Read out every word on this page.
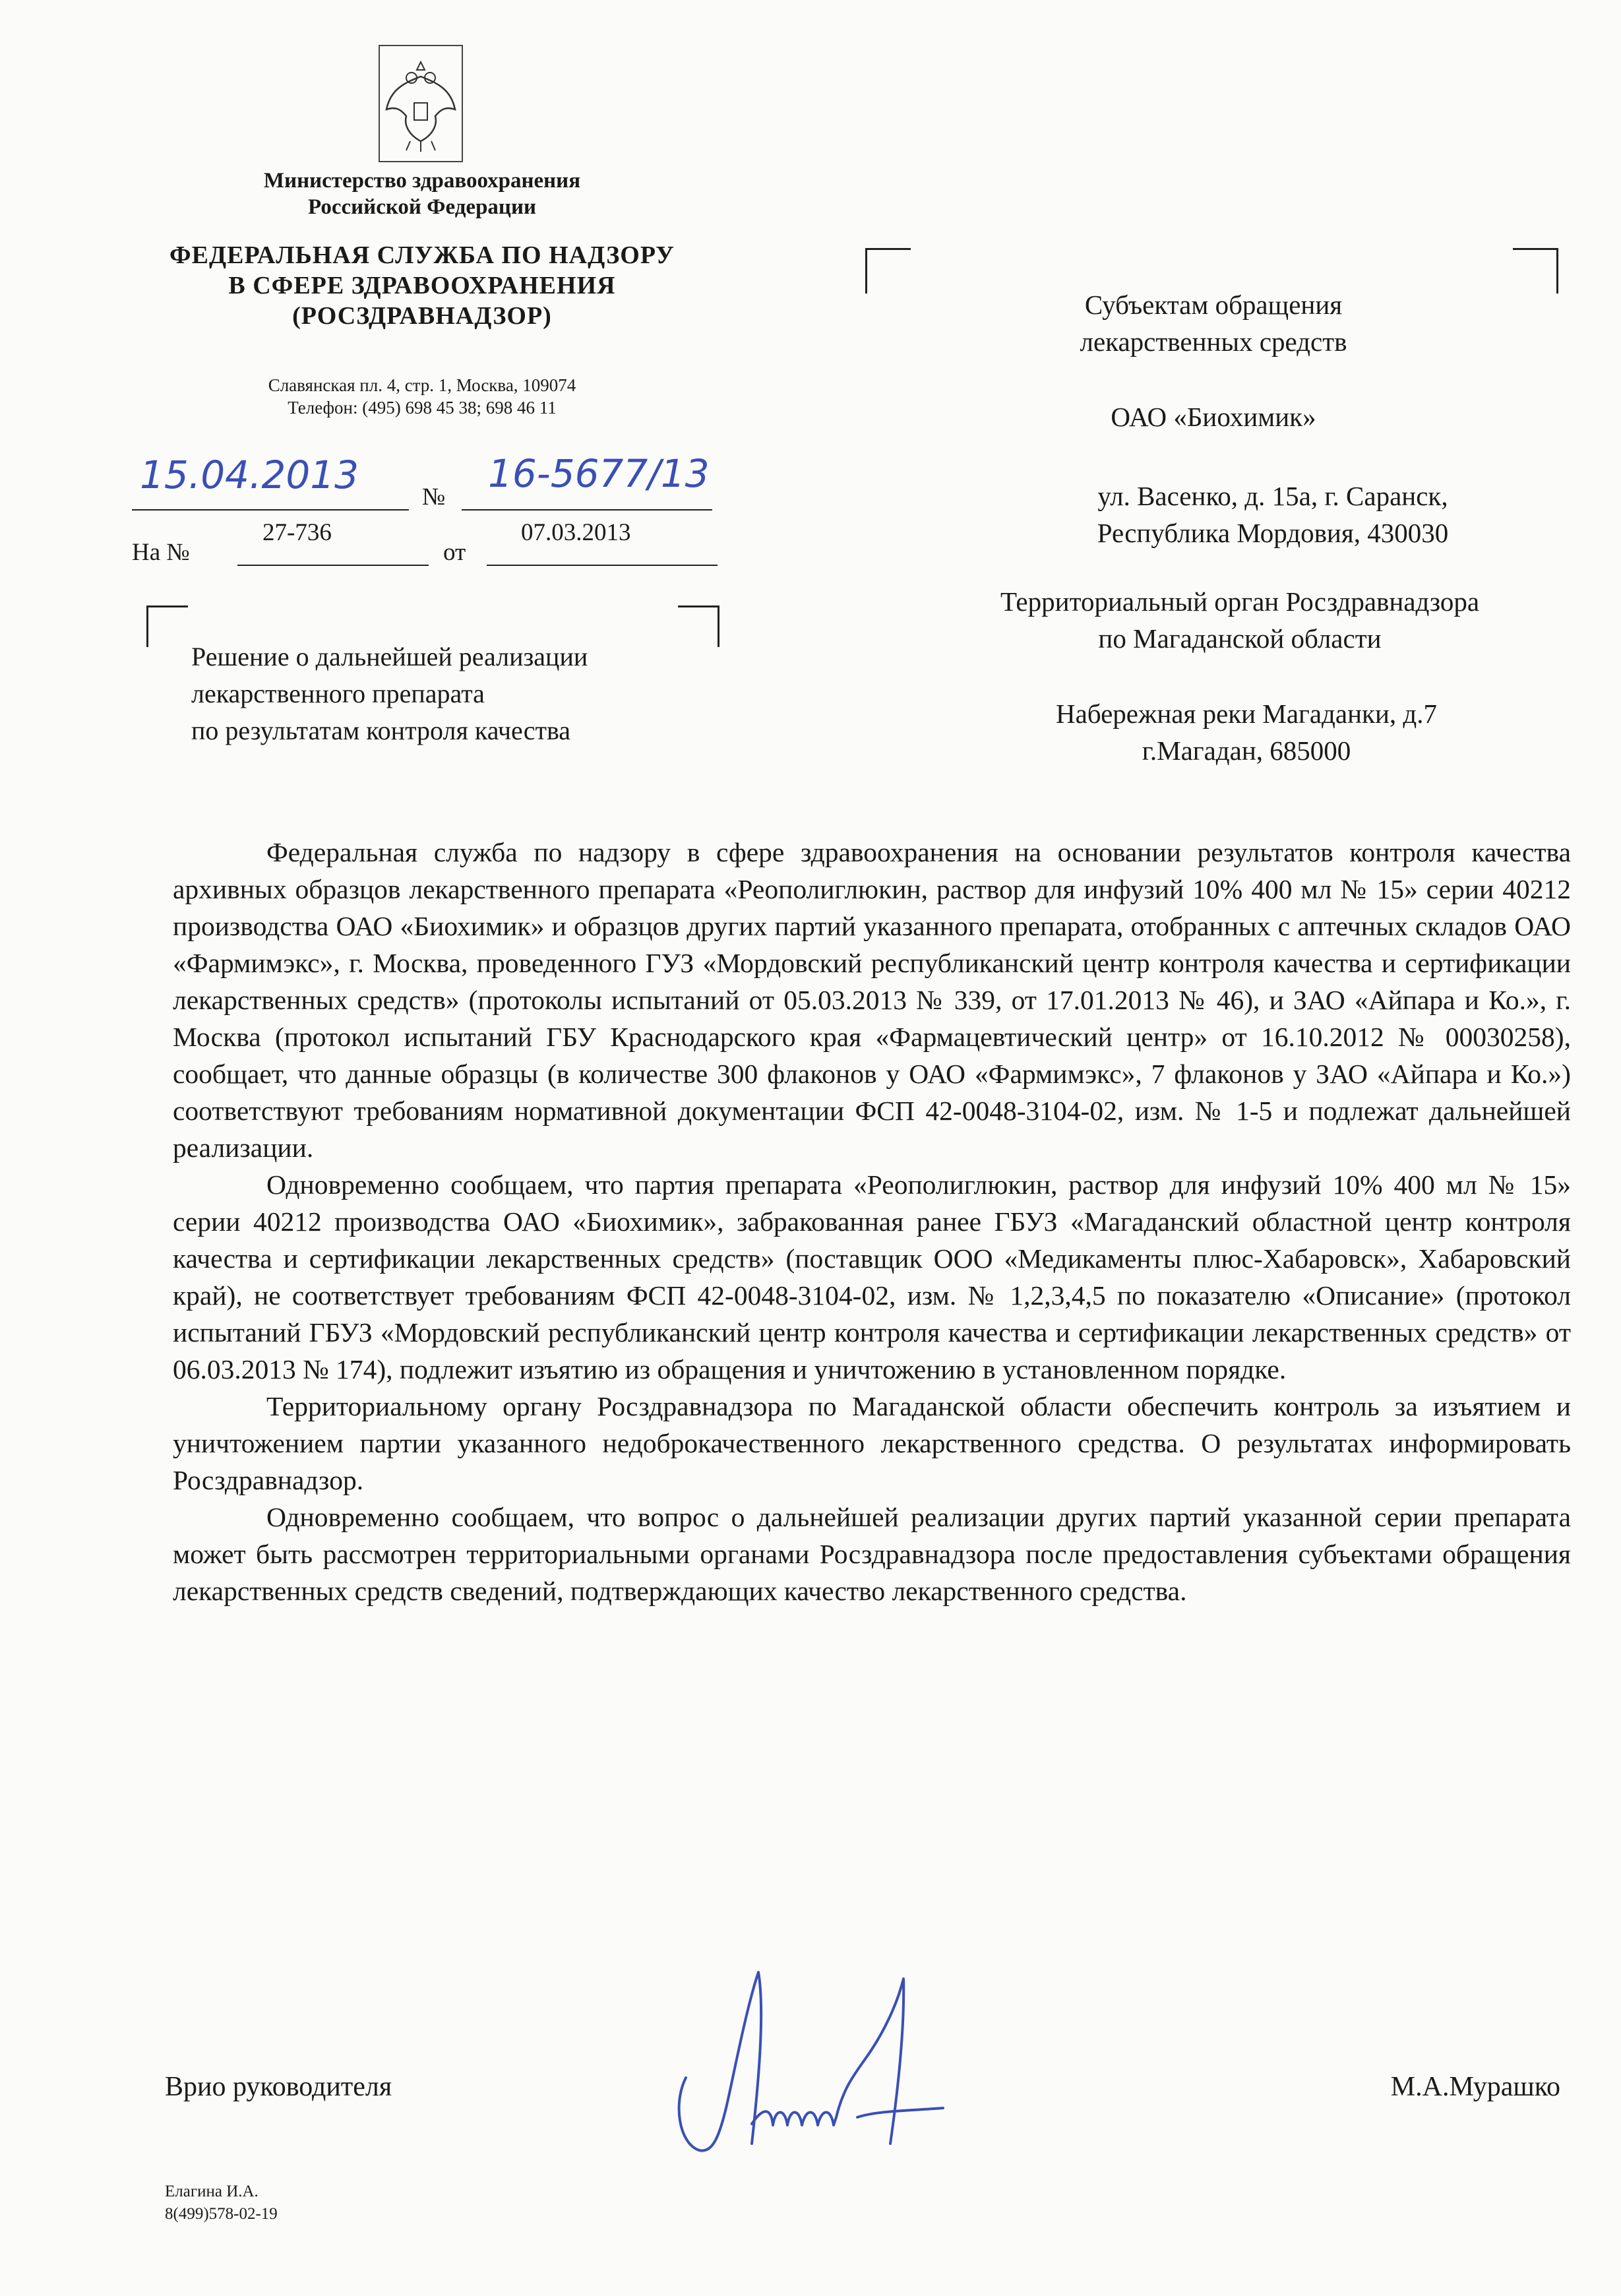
Министерство здравоохранения
Российской Федерации
ФЕДЕРАЛЬНАЯ СЛУЖБА ПО НАДЗОРУ
В СФЕРЕ ЗДРАВООХРАНЕНИЯ
(РОСЗДРАВНАДЗОР)
Славянская пл. 4, стр. 1, Москва, 109074
Телефон: (495) 698 45 38; 698 46 11
15.04.2013	№
16-5677/13
На №
27-736
от
07.03.2013
Решение о дальнейшей реализации
лекарственного препарата
по результатам контроля качества
Субъектам обращения
лекарственных средств
ОАО «Биохимик»
ул. Васенко, д. 15а, г. Саранск,
Республика Мордовия, 430030
Территориальный орган Росздравнадзора
по Магаданской области
Набережная реки Магаданки, д.7
г.Магадан, 685000

Федеральная служба по надзору в сфере здравоохранения на основании результатов контроля качества архивных образцов лекарственного препарата «Реополиглюкин, раствор для инфузий 10% 400 мл № 15» серии 40212 производства ОАО «Биохимик» и образцов других партий указанного препарата, отобранных с аптечных складов ОАО «Фармимэкс», г. Москва, проведенного ГУЗ «Мордовский республиканский центр контроля качества и сертификации лекарственных средств» (протоколы испытаний от 05.03.2013 № 339, от 17.01.2013 № 46), и ЗАО «Айпара и Ко.», г. Москва (протокол испытаний ГБУ Краснодарского края «Фармацевтический центр» от 16.10.2012 № 00030258), сообщает, что данные образцы (в количестве 300 флаконов у ОАО «Фармимэкс», 7 флаконов у ЗАО «Айпара и Ко.») соответствуют требованиям нормативной документации ФСП 42-0048-3104-02, изм. № 1-5 и подлежат дальнейшей реализации.

Одновременно сообщаем, что партия препарата «Реополиглюкин, раствор для инфузий 10% 400 мл № 15» серии 40212 производства ОАО «Биохимик», забракованная ранее ГБУЗ «Магаданский областной центр контроля качества и сертификации лекарственных средств» (поставщик ООО «Медикаменты плюс-Хабаровск», Хабаровский край), не соответствует требованиям ФСП 42-0048-3104-02, изм. № 1,2,3,4,5 по показателю «Описание» (протокол испытаний ГБУЗ «Мордовский республиканский центр контроля качества и сертификации лекарственных средств» от 06.03.2013 № 174), подлежит изъятию из обращения и уничтожению в установленном порядке.

Территориальному органу Росздравнадзора по Магаданской области обеспечить контроль за изъятием и уничтожением партии указанного недоброкачественного лекарственного средства. О результатах информировать Росздравнадзор.

Одновременно сообщаем, что вопрос о дальнейшей реализации других партий указанной серии препарата может быть рассмотрен территориальными органами Росздравнадзора после предоставления субъектами обращения лекарственных средств сведений, подтверждающих качество лекарственного средства.

Врио руководителя	М.А.Мурашко
Елагина И.А.
8(499)578-02-19
